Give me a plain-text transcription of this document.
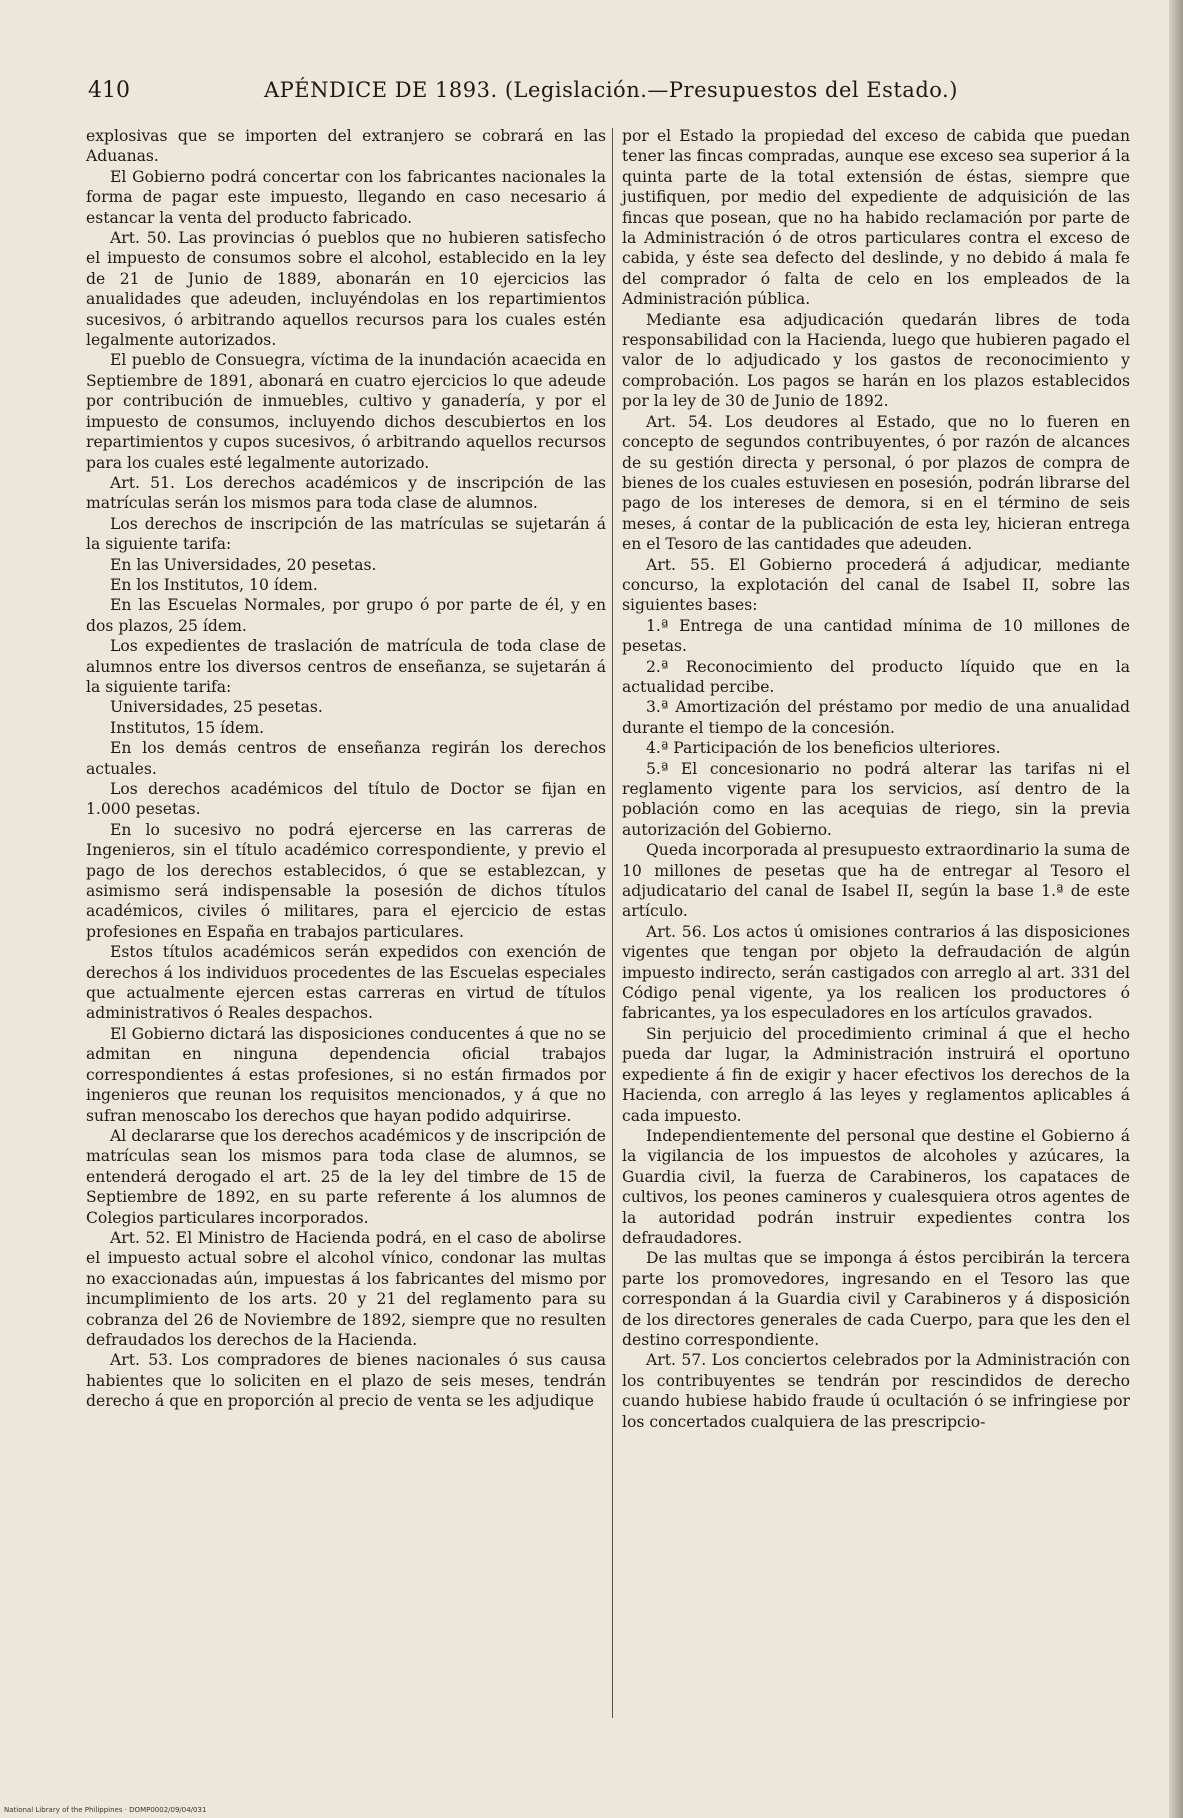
410	APÉNDICE DE 1893. (Legislación.—Presupuestos del Estado.)

explosivas que se importen del extranjero se cobrará en las Aduanas.

El Gobierno podrá concertar con los fabricantes nacionales la forma de pagar este impuesto, llegando en caso necesario á estancar la venta del producto fabricado.

Art. 50. Las provincias ó pueblos que no hubieren satisfecho el impuesto de consumos sobre el alcohol, establecido en la ley de 21 de Junio de 1889, abonarán en 10 ejercicios las anualidades que adeuden, incluyéndolas en los repartimientos sucesivos, ó arbitrando aquellos recursos para los cuales estén legalmente autorizados.

El pueblo de Consuegra, víctima de la inundación acaecida en Septiembre de 1891, abonará en cuatro ejercicios lo que adeude por contribución de inmuebles, cultivo y ganadería, y por el impuesto de consumos, incluyendo dichos descubiertos en los repartimientos y cupos sucesivos, ó arbitrando aquellos recursos para los cuales esté legalmente autorizado.

Art. 51. Los derechos académicos y de inscripción de las matrículas serán los mismos para toda clase de alumnos.

Los derechos de inscripción de las matrículas se sujetarán á la siguiente tarifa:

En las Universidades, 20 pesetas.

En los Institutos, 10 ídem.

En las Escuelas Normales, por grupo ó por parte de él, y en dos plazos, 25 ídem.

Los expedientes de traslación de matrícula de toda clase de alumnos entre los diversos centros de enseñanza, se sujetarán á la siguiente tarifa:

Universidades, 25 pesetas.

Institutos, 15 ídem.

En los demás centros de enseñanza regirán los derechos actuales.

Los derechos académicos del título de Doctor se fijan en 1.000 pesetas.

En lo sucesivo no podrá ejercerse en las carreras de Ingenieros, sin el título académico correspondiente, y previo el pago de los derechos establecidos, ó que se establezcan, y asimismo será indispensable la posesión de dichos títulos académicos, civiles ó militares, para el ejercicio de estas profesiones en España en trabajos particulares.

Estos títulos académicos serán expedidos con exención de derechos á los individuos procedentes de las Escuelas especiales que actualmente ejercen estas carreras en virtud de títulos administrativos ó Reales despachos.

El Gobierno dictará las disposiciones conducentes á que no se admitan en ninguna dependencia oficial trabajos correspondientes á estas profesiones, si no están firmados por ingenieros que reunan los requisitos mencionados, y á que no sufran menoscabo los derechos que hayan podido adquirirse.

Al declararse que los derechos académicos y de inscripción de matrículas sean los mismos para toda clase de alumnos, se entenderá derogado el art. 25 de la ley del timbre de 15 de Septiembre de 1892, en su parte referente á los alumnos de Colegios particulares incorporados.

Art. 52. El Ministro de Hacienda podrá, en el caso de abolirse el impuesto actual sobre el alcohol vínico, condonar las multas no exaccionadas aún, impuestas á los fabricantes del mismo por incumplimiento de los arts. 20 y 21 del reglamento para su cobranza del 26 de Noviembre de 1892, siempre que no resulten defraudados los derechos de la Hacienda.

Art. 53. Los compradores de bienes nacionales ó sus causa habientes que lo soliciten en el plazo de seis meses, tendrán derecho á que en proporción al precio de venta se les adjudique

por el Estado la propiedad del exceso de cabida que puedan tener las fincas compradas, aunque ese exceso sea superior á la quinta parte de la total extensión de éstas, siempre que justifiquen, por medio del expediente de adquisición de las fincas que posean, que no ha habido reclamación por parte de la Administración ó de otros particulares contra el exceso de cabida, y éste sea defecto del deslinde, y no debido á mala fe del comprador ó falta de celo en los empleados de la Administración pública.

Mediante esa adjudicación quedarán libres de toda responsabilidad con la Hacienda, luego que hubieren pagado el valor de lo adjudicado y los gastos de reconocimiento y comprobación. Los pagos se harán en los plazos establecidos por la ley de 30 de Junio de 1892.

Art. 54. Los deudores al Estado, que no lo fueren en concepto de segundos contribuyentes, ó por razón de alcances de su gestión directa y personal, ó por plazos de compra de bienes de los cuales estuviesen en posesión, podrán librarse del pago de los intereses de demora, si en el término de seis meses, á contar de la publicación de esta ley, hicieran entrega en el Tesoro de las cantidades que adeuden.

Art. 55. El Gobierno procederá á adjudicar, mediante concurso, la explotación del canal de Isabel II, sobre las siguientes bases:

1.ª Entrega de una cantidad mínima de 10 millones de pesetas.

2.ª Reconocimiento del producto líquido que en la actualidad percibe.

3.ª Amortización del préstamo por medio de una anualidad durante el tiempo de la concesión.

4.ª Participación de los beneficios ulteriores.

5.ª El concesionario no podrá alterar las tarifas ni el reglamento vigente para los servicios, así dentro de la población como en las acequias de riego, sin la previa autorización del Gobierno.

Queda incorporada al presupuesto extraordinario la suma de 10 millones de pesetas que ha de entregar al Tesoro el adjudicatario del canal de Isabel II, según la base 1.ª de este artículo.

Art. 56. Los actos ú omisiones contrarios á las disposiciones vigentes que tengan por objeto la defraudación de algún impuesto indirecto, serán castigados con arreglo al art. 331 del Código penal vigente, ya los realicen los productores ó fabricantes, ya los especuladores en los artículos gravados.

Sin perjuicio del procedimiento criminal á que el hecho pueda dar lugar, la Administración instruirá el oportuno expediente á fin de exigir y hacer efectivos los derechos de la Hacienda, con arreglo á las leyes y reglamentos aplicables á cada impuesto.

Independientemente del personal que destine el Gobierno á la vigilancia de los impuestos de alcoholes y azúcares, la Guardia civil, la fuerza de Carabineros, los capataces de cultivos, los peones camineros y cualesquiera otros agentes de la autoridad podrán instruir expedientes contra los defraudadores.

De las multas que se imponga á éstos percibirán la tercera parte los promovedores, ingresando en el Tesoro las que correspondan á la Guardia civil y Carabineros y á disposición de los directores generales de cada Cuerpo, para que les den el destino correspondiente.

Art. 57. Los conciertos celebrados por la Administración con los contribuyentes se tendrán por rescindidos de derecho cuando hubiese habido fraude ú ocultación ó se infringiese por los concertados cualquiera de las prescripcio-

National Library of the Philippines · DOMP0002/09/04/031
